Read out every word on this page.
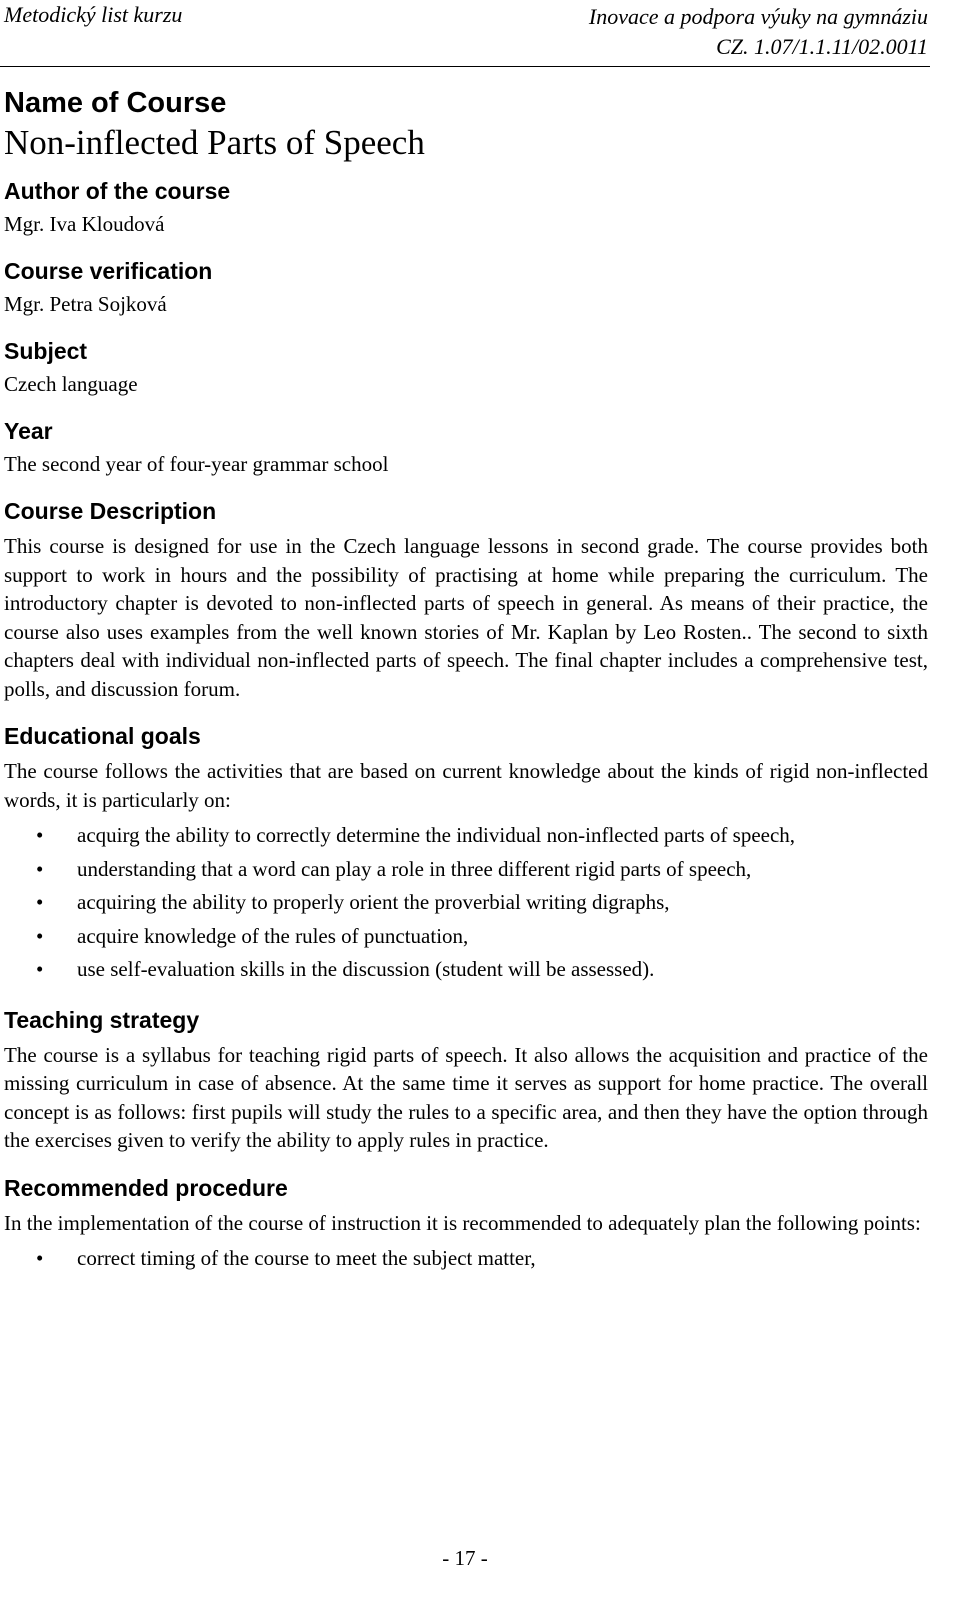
Metodický list kurzu	Inovace a podpora výuky na gymnáziu
CZ. 1.07/1.1.11/02.0011
Name of Course
Non-inflected Parts of Speech
Author of the course
Mgr. Iva Kloudová
Course verification
Mgr. Petra Sojková
Subject
Czech language
Year
The second year of four-year grammar school
Course Description

This course is designed for use in the Czech language lessons in second grade. The course provides both support to work in hours and the possibility of practising at home while preparing the curriculum. The introductory chapter is devoted to non-inflected parts of speech in general. As means of their practice, the course also uses examples from the well known stories of Mr. Kaplan by Leo Rosten.. The second to sixth chapters deal with individual non-inflected parts of speech. The final chapter includes a comprehensive test, polls, and discussion forum.

Educational goals

The course follows the activities that are based on current knowledge about the kinds of rigid non-inflected words, it is particularly on:

• acquirg the ability to correctly determine the individual non-inflected parts of speech,
• understanding that a word can play a role in three different rigid parts of speech,
• acquiring the ability to properly orient the proverbial writing digraphs,
• acquire knowledge of the rules of punctuation,
• use self-evaluation skills in the discussion (student will be assessed).
Teaching strategy

The course is a syllabus for teaching rigid parts of speech. It also allows the acquisition and practice of the missing curriculum in case of absence. At the same time it serves as support for home practice. The overall concept is as follows: first pupils will study the rules to a specific area, and then they have the option through the exercises given to verify the ability to apply rules in practice.

Recommended procedure

In the implementation of the course of instruction it is recommended to adequately plan the following points:

• correct timing of the course to meet the subject matter,
- 17 -
